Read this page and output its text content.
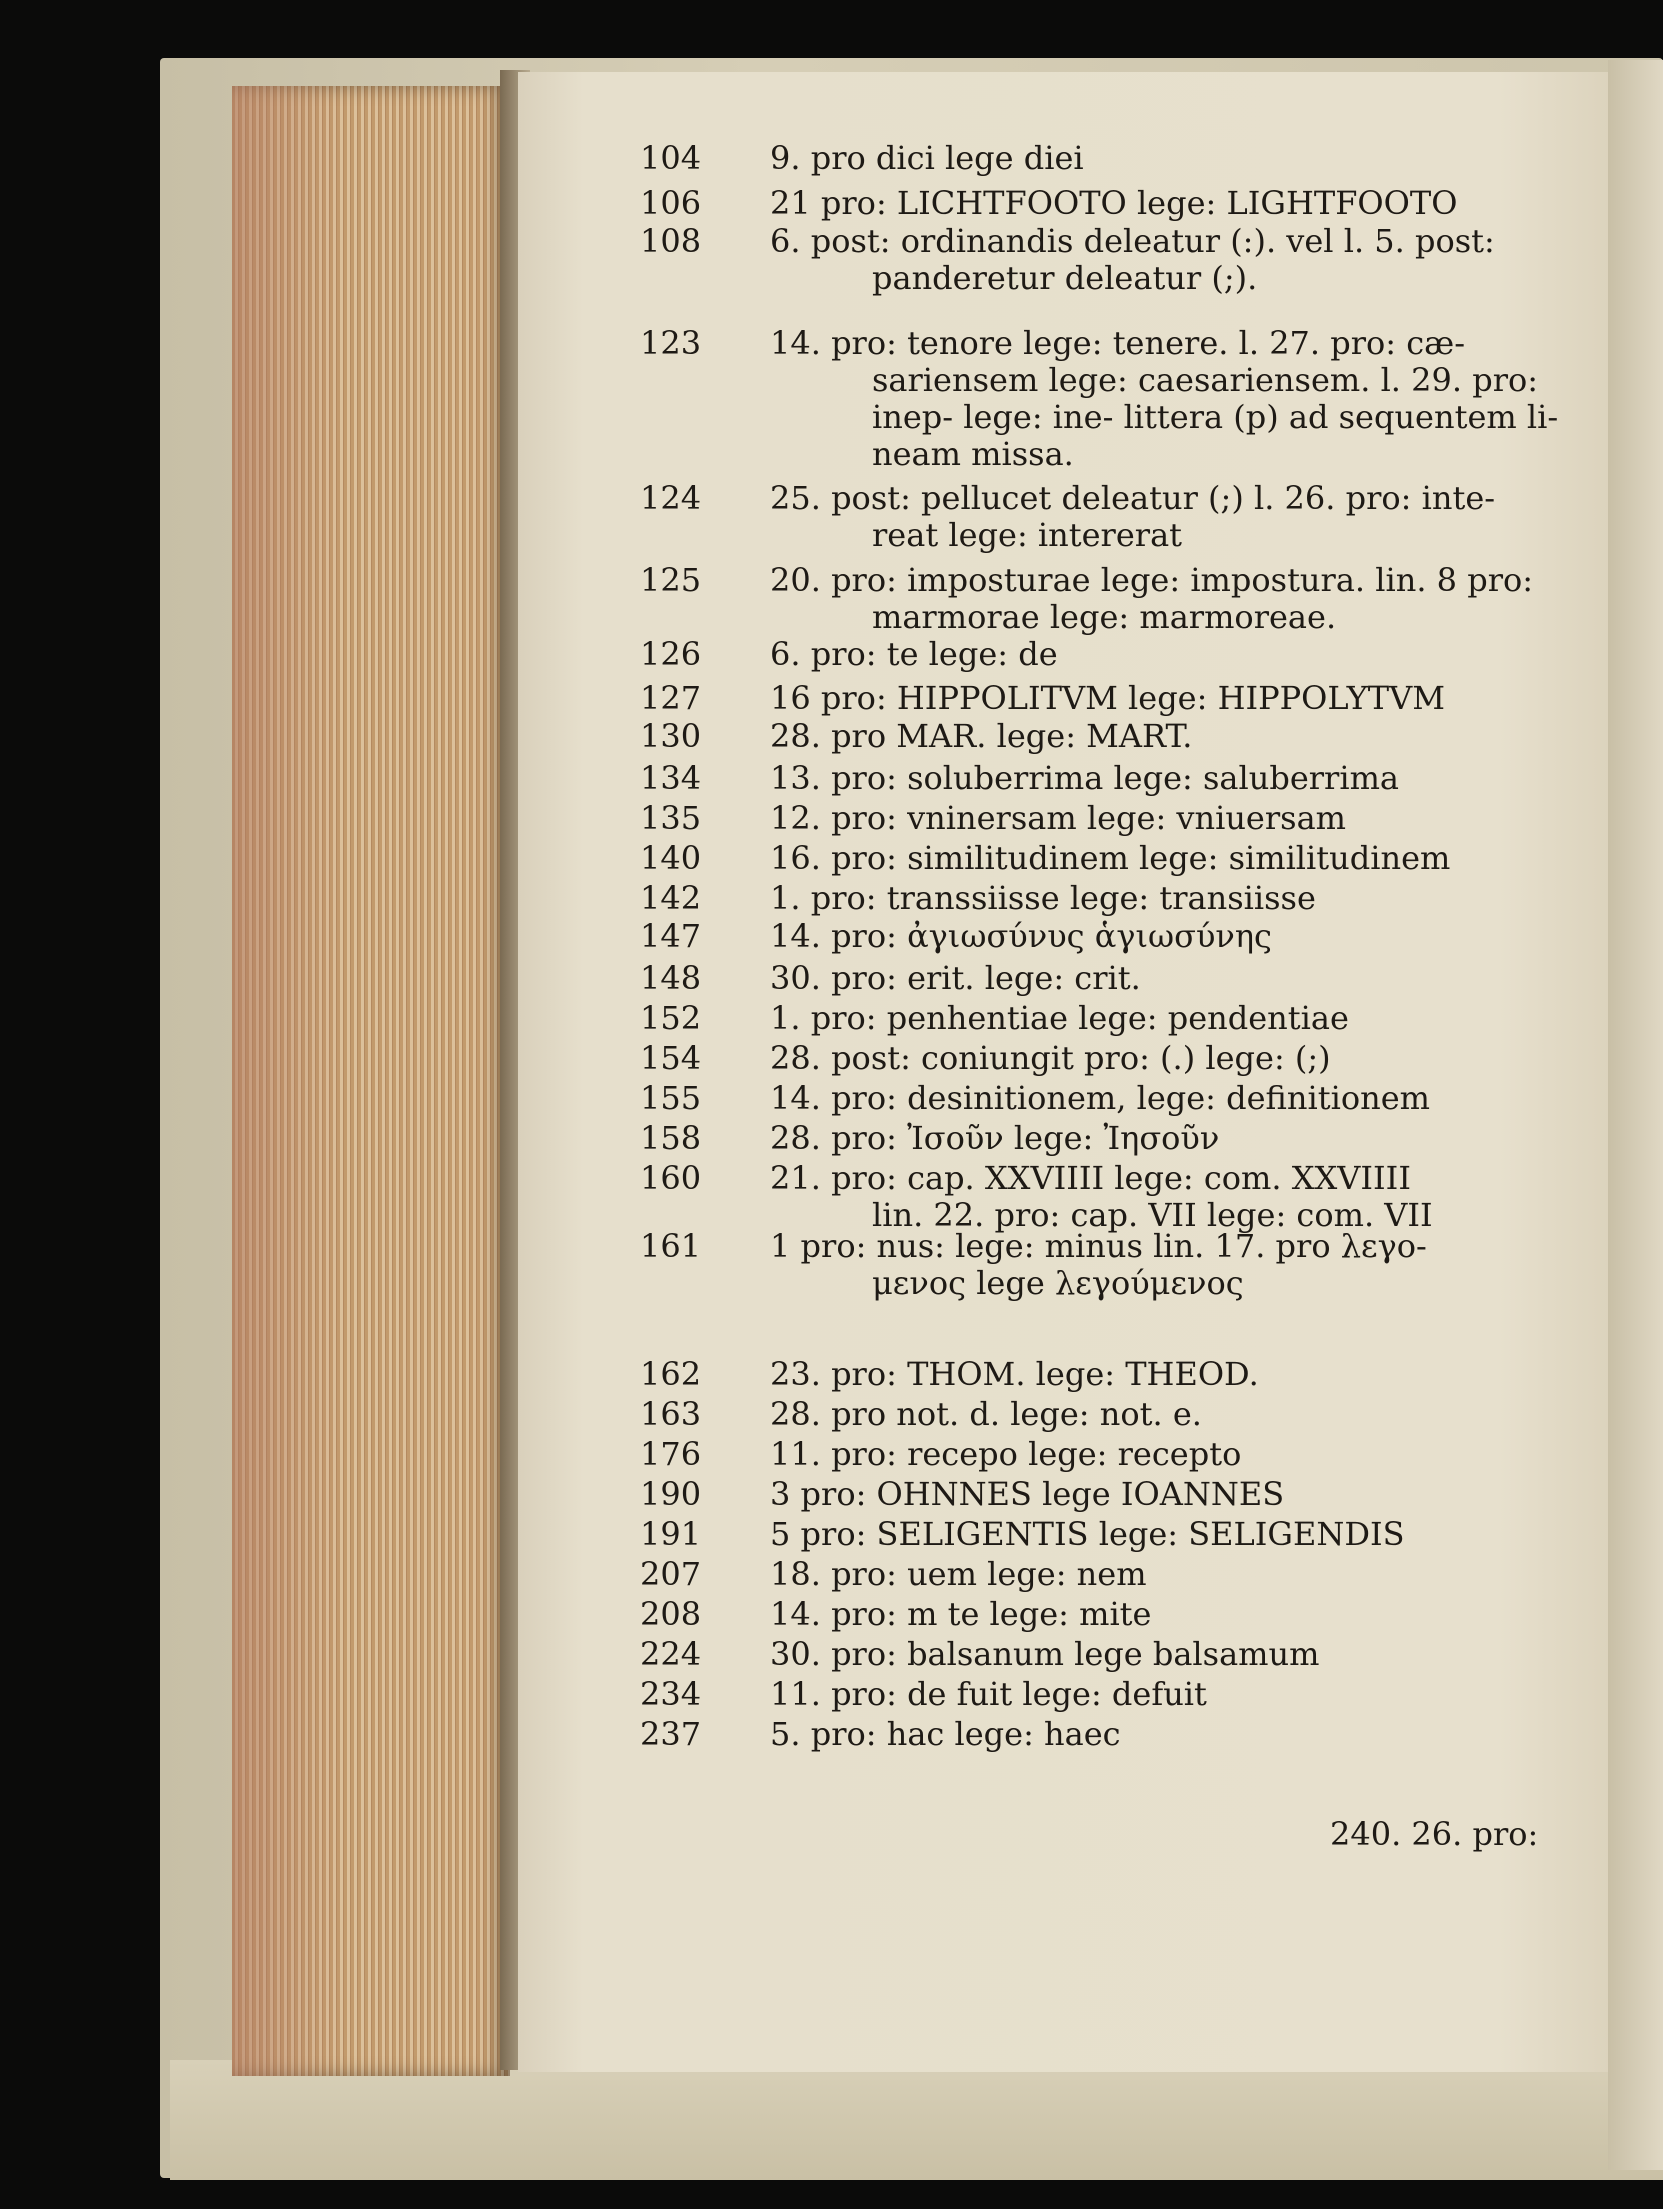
104 9. pro dici lege diei
106 21 pro: LICHTFOOTO lege: LIGHTFOOTO
108 6. post: ordinandis deleatur (:). vel l. 5. post:
panderetur deleatur (;).
123 14. pro: tenore lege: tenere. l. 27. pro: cæ-
sariensem lege: caesariensem. l. 29. pro:
inep- lege: ine- littera (p) ad sequentem li-
neam missa.
124 25. post: pellucet deleatur (;) l. 26. pro: inte-
reat lege: intererat
125 20. pro: imposturae lege: impostura. lin. 8 pro:
marmorae lege: marmoreae.
126 6. pro: te lege: de
127 16 pro: HIPPOLITVM lege: HIPPOLYTVM
130 28. pro MAR. lege: MART.
134 13. pro: soluberrima lege: saluberrima
135 12. pro: vninersam lege: vniuersam
140 16. pro: similitudinem lege: similitudinem
142 1. pro: transsiisse lege: transiisse
147 14. pro: ἀγιωσύνυς ἁγιωσύνης
148 30. pro: erit. lege: crit.
152 1. pro: penhentiae lege: pendentiae
154 28. post: coniungit pro: (.) lege: (;)
155 14. pro: desinitionem, lege: definitionem
158 28. pro: Ἰσοῦν lege: Ἰησοῦν
160 21. pro: cap. XXVIIII lege: com. XXVIIII
lin. 22. pro: cap. VII lege: com. VII
161 1 pro: nus: lege: minus lin. 17. pro λεγο-
μενος lege λεγούμενος
162 23. pro: THOM. lege: THEOD.
163 28. pro not. d. lege: not. e.
176 11. pro: recepo lege: recepto
190 3 pro: OHNNES lege IOANNES
191 5 pro: SELIGENTIS lege: SELIGENDIS
207 18. pro: uem lege: nem
208 14. pro: m te lege: mite
224 30. pro: balsanum lege balsamum
234 11. pro: de fuit lege: defuit
237 5. pro: hac lege: haec
240. 26. pro:
